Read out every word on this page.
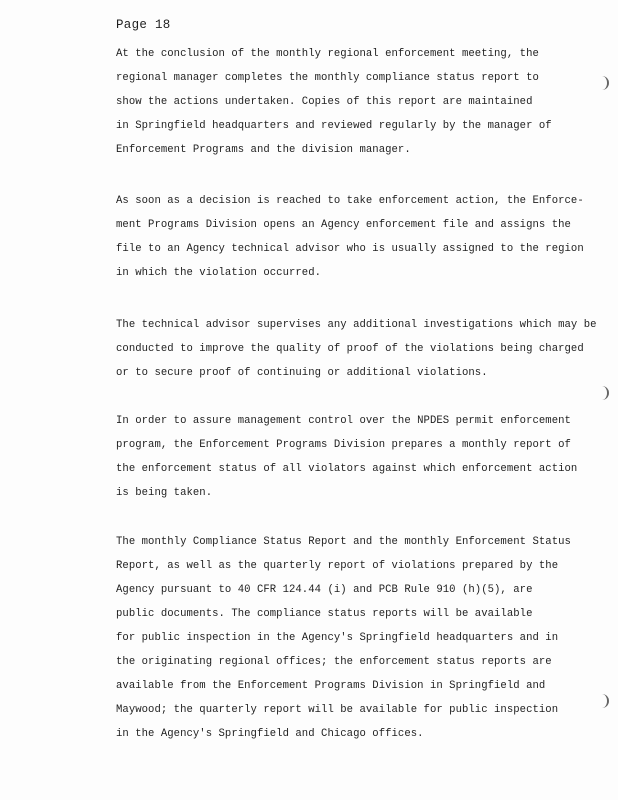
Page 18
At the conclusion of the monthly regional enforcement meeting, the
regional manager completes the monthly compliance status report to
show the actions undertaken. Copies of this report are maintained
in Springfield headquarters and reviewed regularly by the manager of
Enforcement Programs and the division manager.
As soon as a decision is reached to take enforcement action, the Enforce-
ment Programs Division opens an Agency enforcement file and assigns the
file to an Agency technical advisor who is usually assigned to the region
in which the violation occurred.
The technical advisor supervises any additional investigations which may be
conducted to improve the quality of proof of the violations being charged
or to secure proof of continuing or additional violations.
In order to assure management control over the NPDES permit enforcement
program, the Enforcement Programs Division prepares a monthly report of
the enforcement status of all violators against which enforcement action
is being taken.
The monthly Compliance Status Report and the monthly Enforcement Status
Report, as well as the quarterly report of violations prepared by the
Agency pursuant to 40 CFR 124.44 (i) and PCB Rule 910 (h)(5), are
public documents. The compliance status reports will be available
for public inspection in the Agency's Springfield headquarters and in
the originating regional offices; the enforcement status reports are
available from the Enforcement Programs Division in Springfield and
Maywood; the quarterly report will be available for public inspection
in the Agency's Springfield and Chicago offices.
